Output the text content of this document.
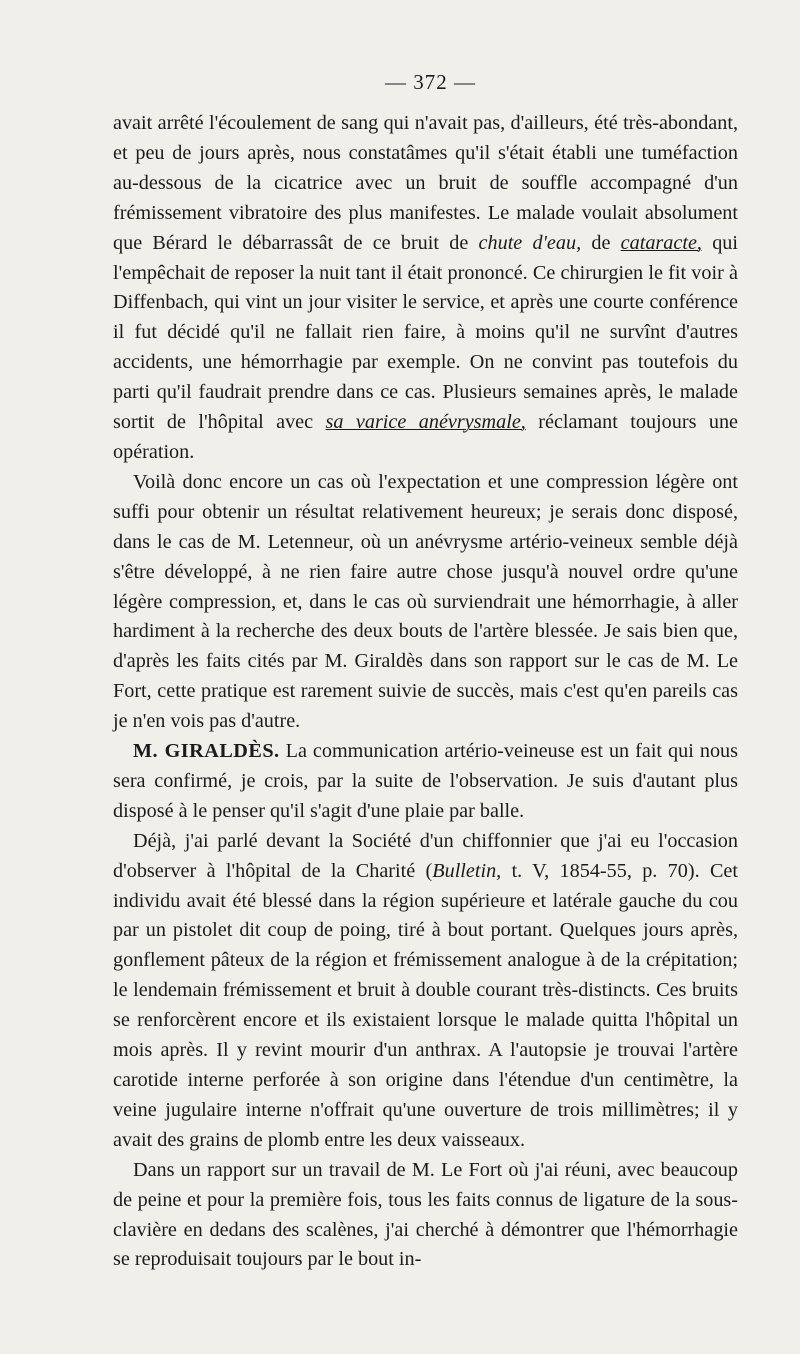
— 372 —

avait arrêté l'écoulement de sang qui n'avait pas, d'ailleurs, été très-abondant, et peu de jours après, nous constatâmes qu'il s'était établi une tuméfaction au-dessous de la cicatrice avec un bruit de souffle accompagné d'un frémissement vibratoire des plus manifestes. Le malade voulait absolument que Bérard le débarrassât de ce bruit de chute d'eau, de cataracte, qui l'empêchait de reposer la nuit tant il était prononcé. Ce chirurgien le fit voir à Diffenbach, qui vint un jour visiter le service, et après une courte conférence il fut décidé qu'il ne fallait rien faire, à moins qu'il ne survînt d'autres accidents, une hémorrhagie par exemple. On ne convint pas toutefois du parti qu'il faudrait prendre dans ce cas. Plusieurs semaines après, le malade sortit de l'hôpital avec sa varice anévrysmale, réclamant toujours une opération.

Voilà donc encore un cas où l'expectation et une compression légère ont suffi pour obtenir un résultat relativement heureux; je serais donc disposé, dans le cas de M. Letenneur, où un anévrysme artério-veineux semble déjà s'être développé, à ne rien faire autre chose jusqu'à nouvel ordre qu'une légère compression, et, dans le cas où surviendrait une hémorrhagie, à aller hardiment à la recherche des deux bouts de l'artère blessée. Je sais bien que, d'après les faits cités par M. Giraldès dans son rapport sur le cas de M. Le Fort, cette pratique est rarement suivie de succès, mais c'est qu'en pareils cas je n'en vois pas d'autre.

M. GIRALDÈS. La communication artério-veineuse est un fait qui nous sera confirmé, je crois, par la suite de l'observation. Je suis d'autant plus disposé à le penser qu'il s'agit d'une plaie par balle.

Déjà, j'ai parlé devant la Société d'un chiffonnier que j'ai eu l'occasion d'observer à l'hôpital de la Charité (Bulletin, t. V, 1854-55, p. 70). Cet individu avait été blessé dans la région supérieure et latérale gauche du cou par un pistolet dit coup de poing, tiré à bout portant. Quelques jours après, gonflement pâteux de la région et frémissement analogue à de la crépitation; le lendemain frémissement et bruit à double courant très-distincts. Ces bruits se renforcèrent encore et ils existaient lorsque le malade quitta l'hôpital un mois après. Il y revint mourir d'un anthrax. A l'autopsie je trouvai l'artère carotide interne perforée à son origine dans l'étendue d'un centimètre, la veine jugulaire interne n'offrait qu'une ouverture de trois millimètres; il y avait des grains de plomb entre les deux vaisseaux.

Dans un rapport sur un travail de M. Le Fort où j'ai réuni, avec beaucoup de peine et pour la première fois, tous les faits connus de ligature de la sous-clavière en dedans des scalènes, j'ai cherché à démontrer que l'hémorrhagie se reproduisait toujours par le bout in-
